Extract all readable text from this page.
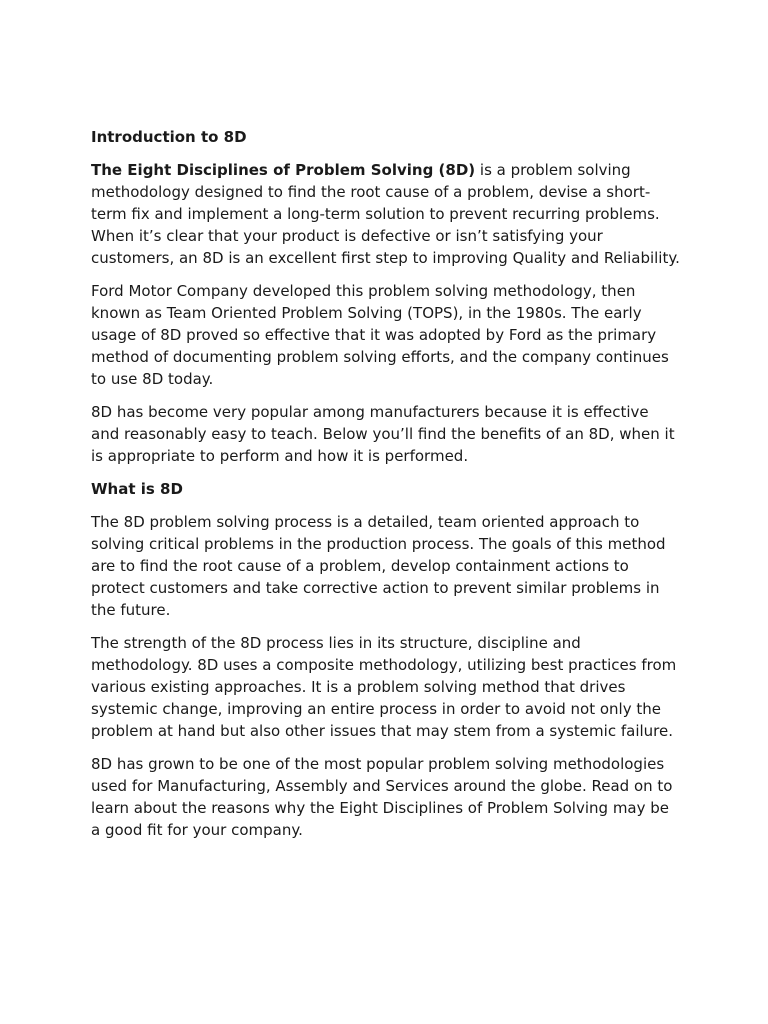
Introduction to 8D

The Eight Disciplines of Problem Solving (8D) is a problem solving methodology designed to find the root cause of a problem, devise a short-term fix and implement a long-term solution to prevent recurring problems. When it’s clear that your product is defective or isn’t satisfying your customers, an 8D is an excellent first step to improving Quality and Reliability.

Ford Motor Company developed this problem solving methodology, then known as Team Oriented Problem Solving (TOPS), in the 1980s. The early usage of 8D proved so effective that it was adopted by Ford as the primary method of documenting problem solving efforts, and the company continues to use 8D today.

8D has become very popular among manufacturers because it is effective and reasonably easy to teach. Below you’ll find the benefits of an 8D, when it is appropriate to perform and how it is performed.

What is 8D

The 8D problem solving process is a detailed, team oriented approach to solving critical problems in the production process. The goals of this method are to find the root cause of a problem, develop containment actions to protect customers and take corrective action to prevent similar problems in the future.

The strength of the 8D process lies in its structure, discipline and methodology. 8D uses a composite methodology, utilizing best practices from various existing approaches. It is a problem solving method that drives systemic change, improving an entire process in order to avoid not only the problem at hand but also other issues that may stem from a systemic failure.

8D has grown to be one of the most popular problem solving methodologies used for Manufacturing, Assembly and Services around the globe. Read on to learn about the reasons why the Eight Disciplines of Problem Solving may be a good fit for your company.
